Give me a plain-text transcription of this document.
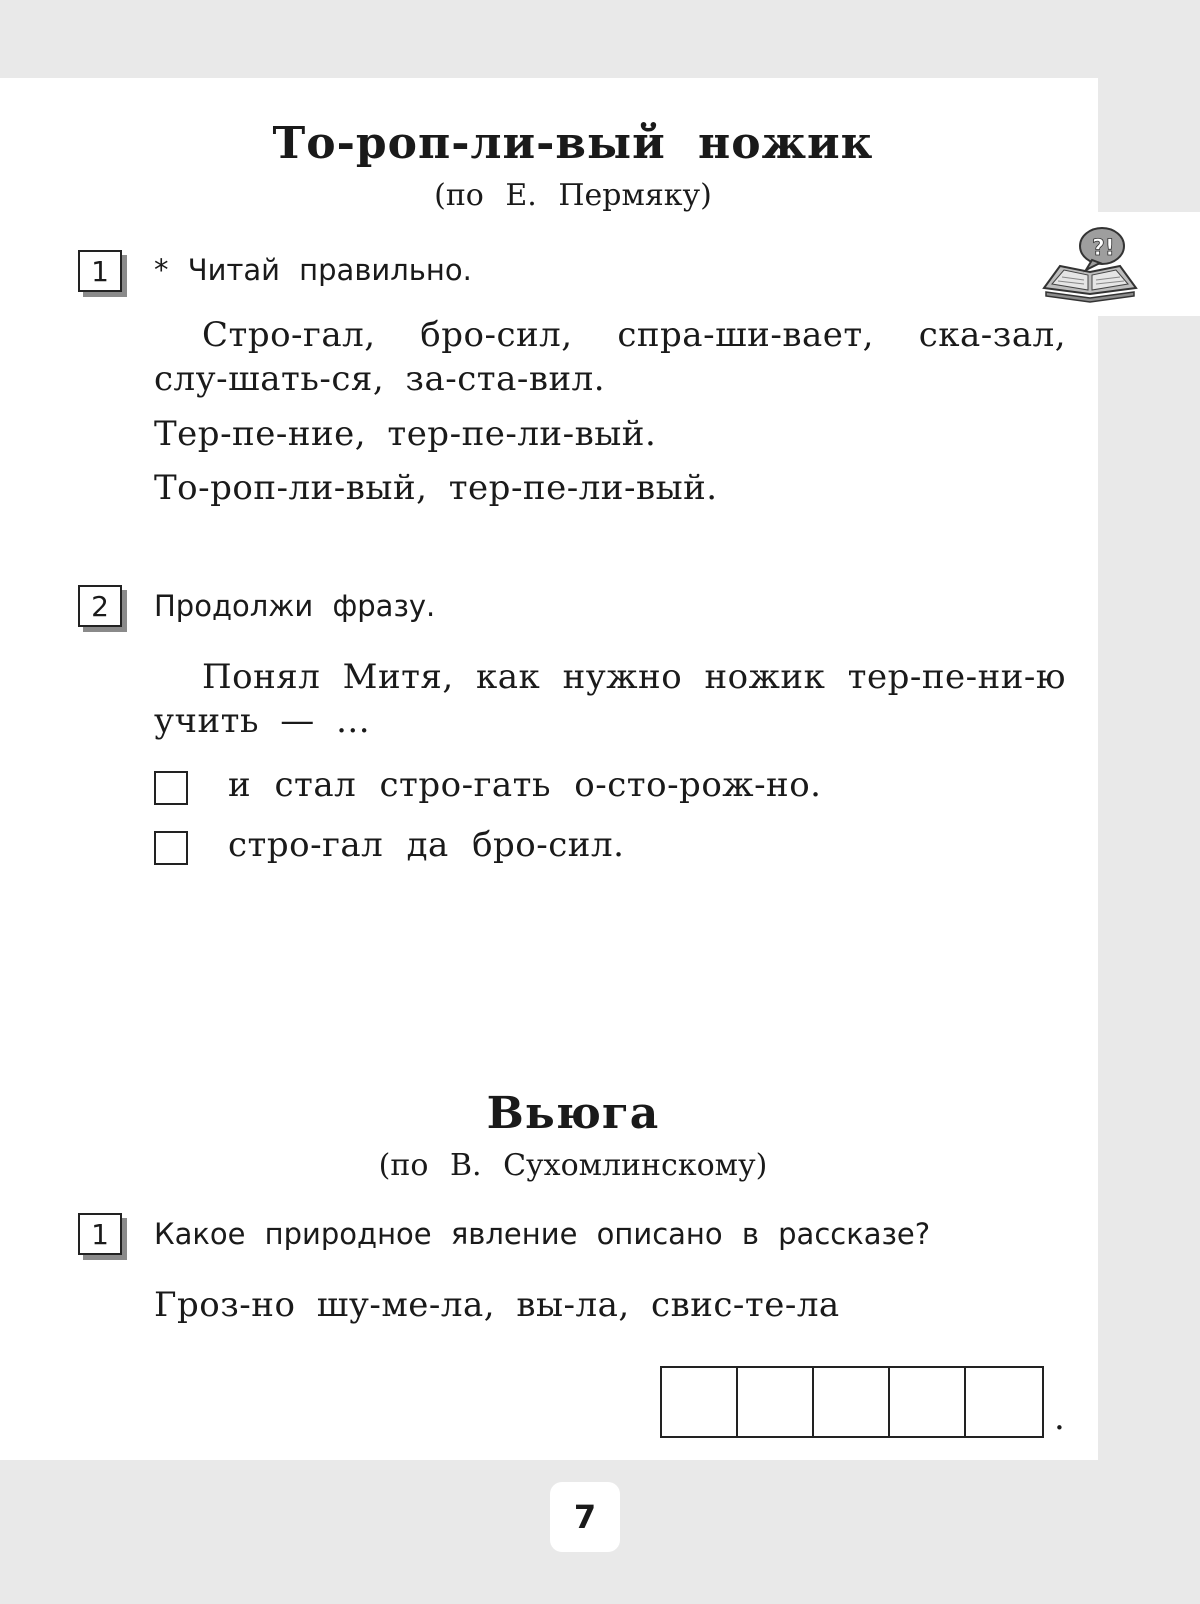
?!
То-роп-ли-вый ножик
(по Е. Пермяку)
1	* Читай правильно.
Стро-гал, бро-сил, спра-ши-вает, ска-зал, слу-шать-ся, за-ста-вил.
Тер-пе-ние, тер-пе-ли-вый.
То-роп-ли-вый, тер-пе-ли-вый.
2	Продолжи фразу.
Понял Митя, как нужно ножик тер-пе-ни-ю учить — ...
и стал стро-гать о-сто-рож-но.
стро-гал да бро-сил.
Вьюга
(по В. Сухомлинскому)
1	Какое природное явление описано в рассказе?
Гроз-но шу-ме-ла, вы-ла, свис-те-ла
.
7
